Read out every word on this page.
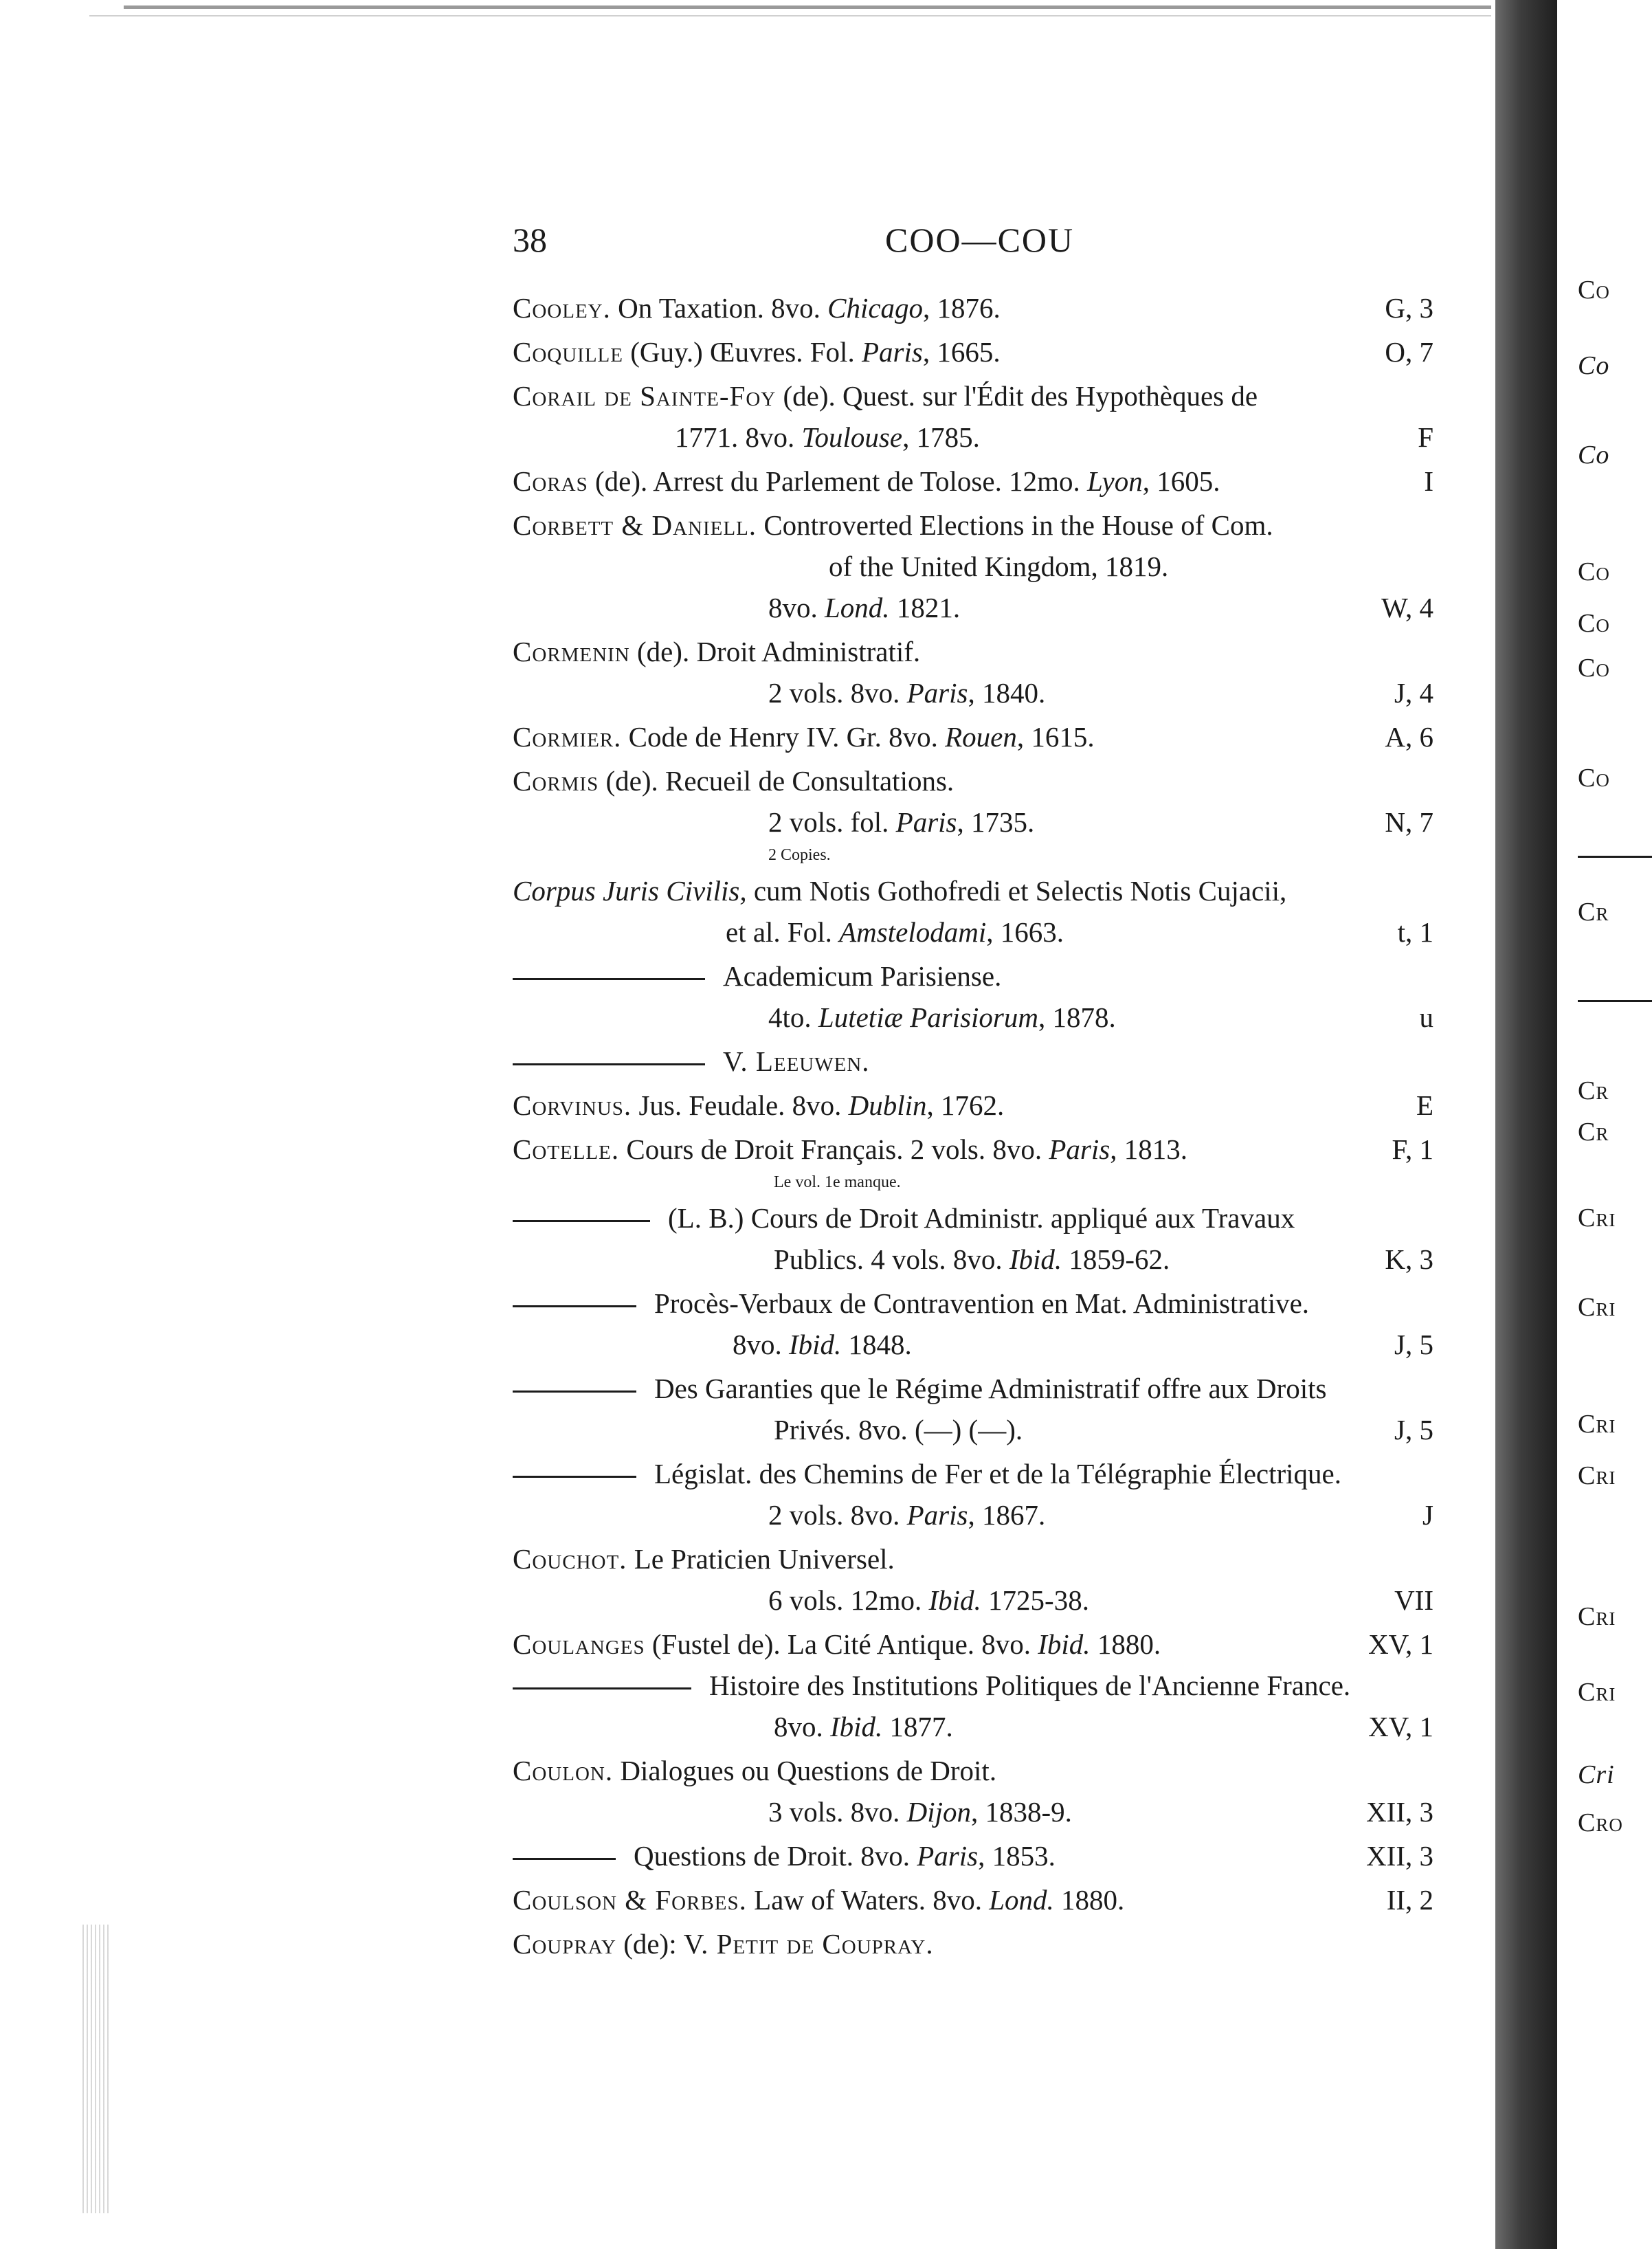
38	COO—COU
Cooley. On Taxation. 8vo. Chicago, 1876.	G, 3
Coquille (Guy.) Œuvres. Fol. Paris, 1665.	O, 7
Corail de Sainte-Foy (de). Quest. sur l'Édit des Hypothèques de
1771. 8vo. Toulouse, 1785.	F
Coras (de). Arrest du Parlement de Tolose. 12mo. Lyon, 1605.	I
Corbett & Daniell. Controverted Elections in the House of Com.
of the United Kingdom, 1819.
8vo. Lond. 1821.	W, 4
Cormenin (de). Droit Administratif.
2 vols. 8vo. Paris, 1840.	J, 4
Cormier. Code de Henry IV. Gr. 8vo. Rouen, 1615.	A, 6
Cormis (de). Recueil de Consultations.
2 vols. fol. Paris, 1735.	N, 7
2 Copies.
Corpus Juris Civilis, cum Notis Gothofredi et Selectis Notis Cujacii,
et al. Fol. Amstelodami, 1663.	t, 1
Academicum Parisiense.
4to. Lutetiæ Parisiorum, 1878.	u
V. Leeuwen.
Corvinus. Jus. Feudale. 8vo. Dublin, 1762.	E
Cotelle. Cours de Droit Français. 2 vols. 8vo. Paris, 1813.	F, 1
Le vol. 1e manque.
(L. B.) Cours de Droit Administr. appliqué aux Travaux
Publics. 4 vols. 8vo. Ibid. 1859-62.	K, 3
Procès-Verbaux de Contravention en Mat. Administrative.
8vo. Ibid. 1848.	J, 5
Des Garanties que le Régime Administratif offre aux Droits
Privés. 8vo. (—) (—).	J, 5
Législat. des Chemins de Fer et de la Télégraphie Électrique.
2 vols. 8vo. Paris, 1867.	J
Couchot. Le Praticien Universel.
6 vols. 12mo. Ibid. 1725-38.	VII
Coulanges (Fustel de). La Cité Antique. 8vo. Ibid. 1880.	XV, 1
Histoire des Institutions Politiques de l'Ancienne France.
8vo. Ibid. 1877.	XV, 1
Coulon. Dialogues ou Questions de Droit.
3 vols. 8vo. Dijon, 1838-9.	XII, 3
Questions de Droit. 8vo. Paris, 1853.	XII, 3
Coulson & Forbes. Law of Waters. 8vo. Lond. 1880.	II, 2
Coupray (de): V. Petit de Coupray.
Co
Co
Co
Co
Co
Co
Co
Cr
Cr
Cr
Cri
Cri
Cri
Cri
Cri
Cri
Cri
Cro
